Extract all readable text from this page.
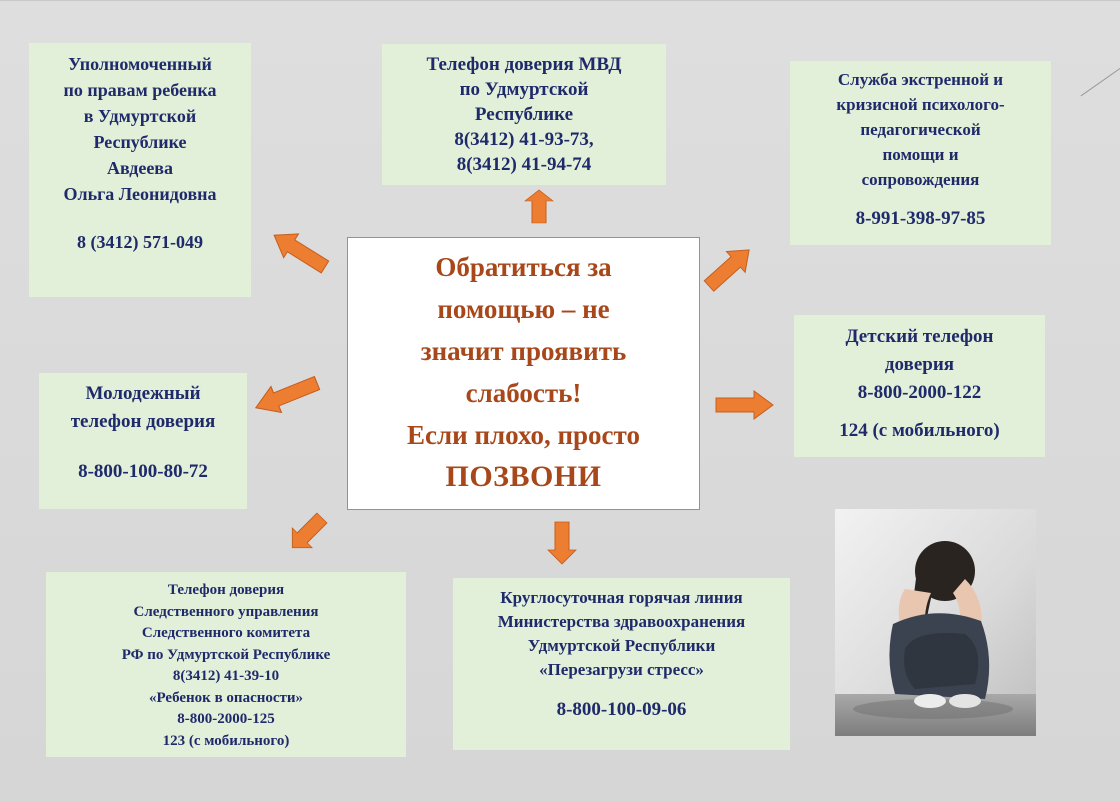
Уполномоченный
по правам ребенка
в Удмуртской
Республике
Авдеева
Ольга Леонидовна
8 (3412) 571-049
Телефон доверия МВД
по Удмуртской
Республике
8(3412) 41-93-73,
8(3412) 41-94-74
Служба экстренной и
кризисной психолого-
педагогической
помощи и
сопровождения
8-991-398-97-85
Детский телефон
доверия
8-800-2000-122
124 (с мобильного)
Молодежный
телефон доверия
8-800-100-80-72
Телефон доверия
Следственного управления
Следственного комитета
РФ по Удмуртской Республике
8(3412) 41-39-10
«Ребенок в опасности»
8-800-2000-125
123 (с мобильного)
Круглосуточная горячая линия
Министерства здравоохранения
Удмуртской Республики
«Перезагрузи стресс»
8-800-100-09-06
Обратиться за
помощью – не
значит проявить
слабость!
Если плохо, просто
ПОЗВОНИ
